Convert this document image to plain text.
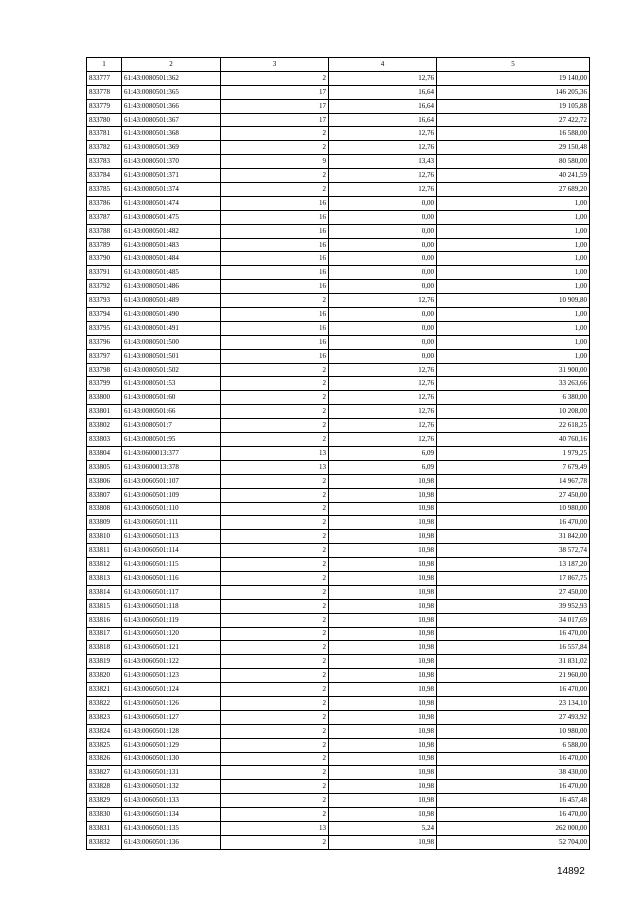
1	2	3	4	5
833777	61:43:0080501:362	2	12,76	19 140,00
833778	61:43:0080501:365	17	16,64	146 205,36
833779	61:43:0080501:366	17	16,64	19 105,88
833780	61:43:0080501:367	17	16,64	27 422,72
833781	61:43:0080501:368	2	12,76	16 588,00
833782	61:43:0080501:369	2	12,76	29 150,48
833783	61:43:0080501:370	9	13,43	80 580,00
833784	61:43:0080501:371	2	12,76	40 241,59
833785	61:43:0080501:374	2	12,76	27 689,20
833786	61:43:0080501:474	16	0,00	1,00
833787	61:43:0080501:475	16	0,00	1,00
833788	61:43:0080501:482	16	0,00	1,00
833789	61:43:0080501:483	16	0,00	1,00
833790	61:43:0080501:484	16	0,00	1,00
833791	61:43:0080501:485	16	0,00	1,00
833792	61:43:0080501:486	16	0,00	1,00
833793	61:43:0080501:489	2	12,76	10 909,80
833794	61:43:0080501:490	16	0,00	1,00
833795	61:43:0080501:491	16	0,00	1,00
833796	61:43:0080501:500	16	0,00	1,00
833797	61:43:0080501:501	16	0,00	1,00
833798	61:43:0080501:502	2	12,76	31 900,00
833799	61:43:0080501:53	2	12,76	33 263,66
833800	61:43:0080501:60	2	12,76	6 380,00
833801	61:43:0080501:66	2	12,76	10 208,00
833802	61:43:0080501:7	2	12,76	22 618,25
833803	61:43:0080501:95	2	12,76	40 760,16
833804	61:43:0600013:377	13	6,09	1 979,25
833805	61:43:0600013:378	13	6,09	7 679,49
833806	61:43:0060501:107	2	10,98	14 967,78
833807	61:43:0060501:109	2	10,98	27 450,00
833808	61:43:0060501:110	2	10,98	10 980,00
833809	61:43:0060501:111	2	10,98	16 470,00
833810	61:43:0060501:113	2	10,98	31 842,00
833811	61:43:0060501:114	2	10,98	38 572,74
833812	61:43:0060501:115	2	10,98	13 187,20
833813	61:43:0060501:116	2	10,98	17 867,75
833814	61:43:0060501:117	2	10,98	27 450,00
833815	61:43:0060501:118	2	10,98	39 952,93
833816	61:43:0060501:119	2	10,98	34 017,69
833817	61:43:0060501:120	2	10,98	16 470,00
833818	61:43:0060501:121	2	10,98	16 557,84
833819	61:43:0060501:122	2	10,98	31 831,02
833820	61:43:0060501:123	2	10,98	21 960,00
833821	61:43:0060501:124	2	10,98	16 470,00
833822	61:43:0060501:126	2	10,98	23 134,10
833823	61:43:0060501:127	2	10,98	27 493,92
833824	61:43:0060501:128	2	10,98	10 980,00
833825	61:43:0060501:129	2	10,98	6 588,00
833826	61:43:0060501:130	2	10,98	16 470,00
833827	61:43:0060501:131	2	10,98	38 430,00
833828	61:43:0060501:132	2	10,98	16 470,00
833829	61:43:0060501:133	2	10,98	16 457,48
833830	61:43:0060501:134	2	10,98	16 470,00
833831	61:43:0060501:135	13	5,24	262 000,00
833832	61:43:0060501:136	2	10,98	52 704,00
14892
